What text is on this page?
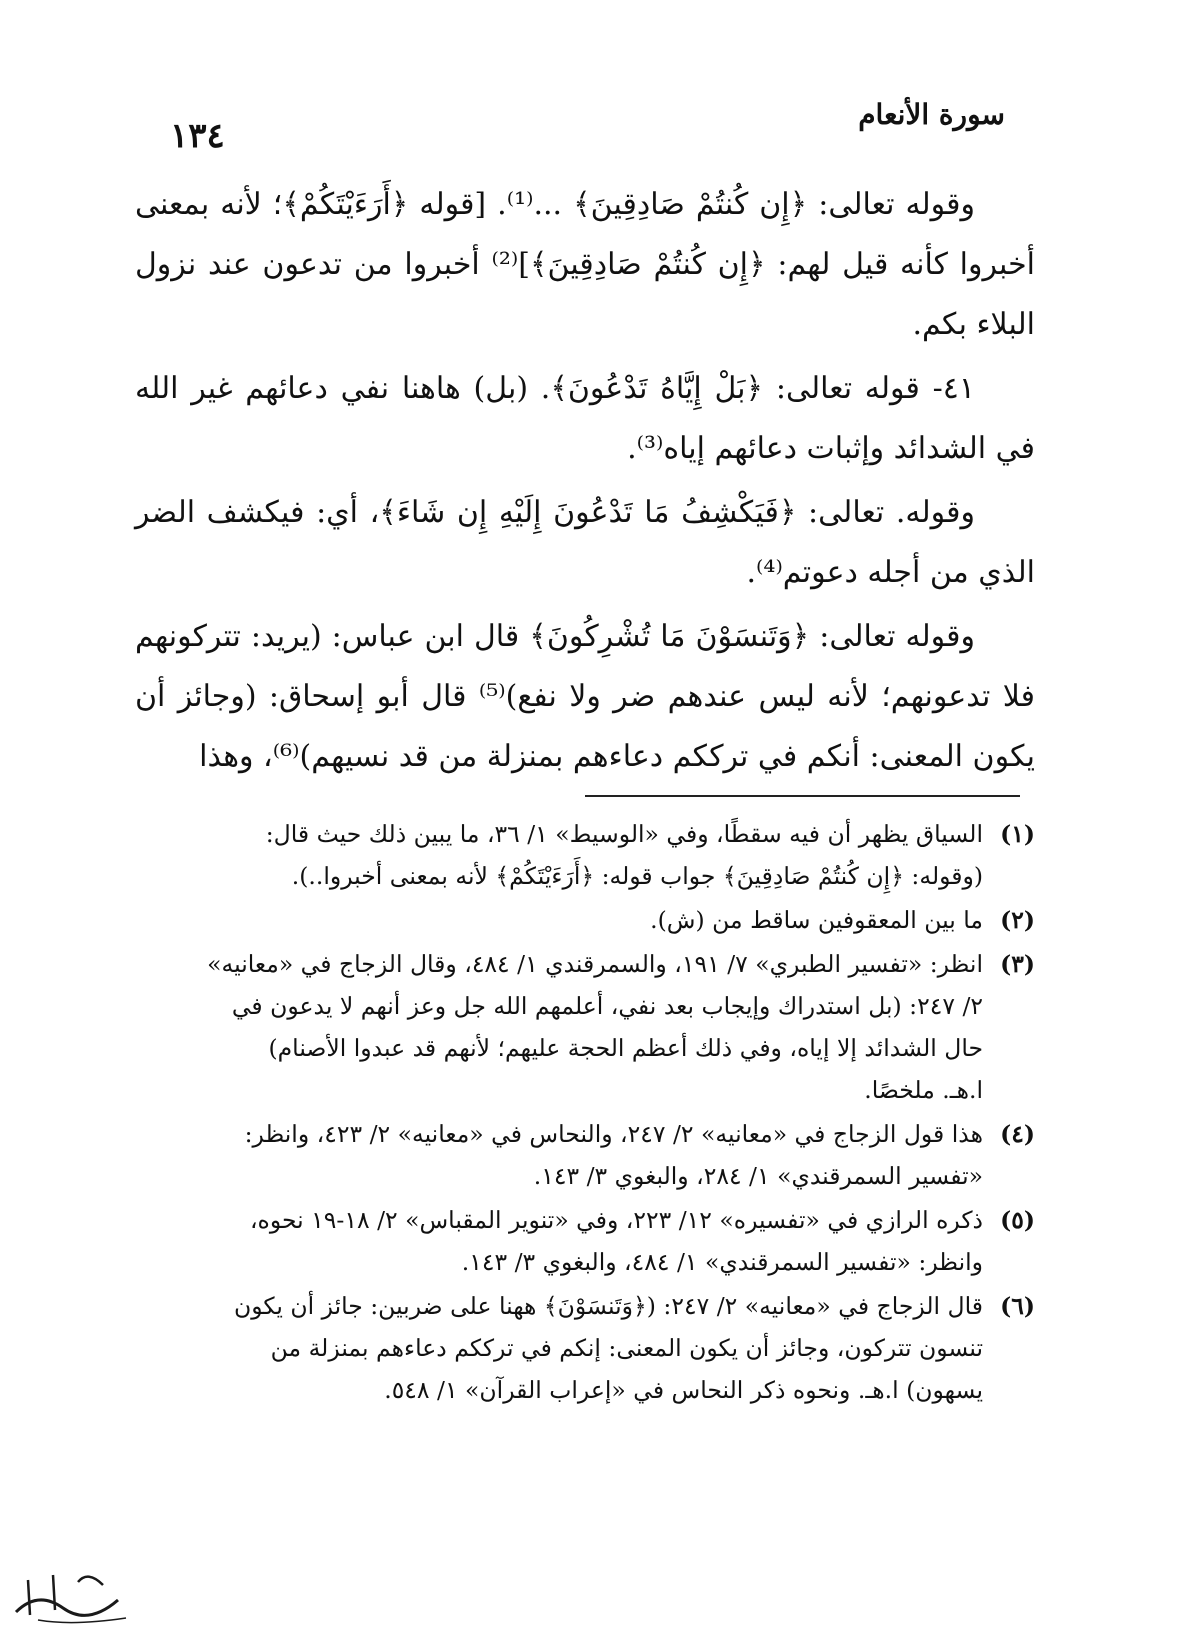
سورة الأنعام
١٣٤

وقوله تعالى: ﴿إِن كُنتُمْ صَادِقِينَ﴾ ...⁽¹⁾. [قوله ﴿أَرَءَيْتَكُمْ﴾؛ لأنه بمعنى أخبروا كأنه قيل لهم: ﴿إِن كُنتُمْ صَادِقِينَ﴾]⁽²⁾ أخبروا من تدعون عند نزول البلاء بكم.

٤١- قوله تعالى: ﴿بَلْ إِيَّاهُ تَدْعُونَ﴾. (بل) هاهنا نفي دعائهم غير الله في الشدائد وإثبات دعائهم إياه⁽³⁾.

وقوله. تعالى: ﴿فَيَكْشِفُ مَا تَدْعُونَ إِلَيْهِ إِن شَاءَ﴾، أي: فيكشف الضر الذي من أجله دعوتم⁽⁴⁾.

وقوله تعالى: ﴿وَتَنسَوْنَ مَا تُشْرِكُونَ﴾ قال ابن عباس: (يريد: تتركونهم فلا تدعونهم؛ لأنه ليس عندهم ضر ولا نفع)⁽⁵⁾ قال أبو إسحاق: (وجائز أن يكون المعنى: أنكم في ترككم دعاءهم بمنزلة من قد نسيهم)⁽⁶⁾، وهذا

(١)
السياق يظهر أن فيه سقطًا، وفي «الوسيط» ١/ ٣٦، ما يبين ذلك حيث قال:
(وقوله: ﴿إِن كُنتُمْ صَادِقِينَ﴾ جواب قوله: ﴿أَرَءَيْتَكُمْ﴾ لأنه بمعنى أخبروا..).
(٢)
ما بين المعقوفين ساقط من (ش).
(٣)
انظر: «تفسير الطبري» ٧/ ١٩١، والسمرقندي ١/ ٤٨٤، وقال الزجاج في «معانيه»
٢/ ٢٤٧: (بل استدراك وإيجاب بعد نفي، أعلمهم الله جل وعز أنهم لا يدعون في
حال الشدائد إلا إياه، وفي ذلك أعظم الحجة عليهم؛ لأنهم قد عبدوا الأصنام)
ا.هـ. ملخصًا.
(٤)
هذا قول الزجاج في «معانيه» ٢/ ٢٤٧، والنحاس في «معانيه» ٢/ ٤٢٣، وانظر:
«تفسير السمرقندي» ١/ ٢٨٤، والبغوي ٣/ ١٤٣.
(٥)
ذكره الرازي في «تفسيره» ١٢/ ٢٢٣، وفي «تنوير المقباس» ٢/ ١٨-١٩ نحوه،
وانظر: «تفسير السمرقندي» ١/ ٤٨٤، والبغوي ٣/ ١٤٣.
(٦)
قال الزجاج في «معانيه» ٢/ ٢٤٧: (﴿وَتَنسَوْنَ﴾ ههنا على ضربين: جائز أن يكون
تنسون تتركون، وجائز أن يكون المعنى: إنكم في ترككم دعاءهم بمنزلة من
يسهون) ا.هـ. ونحوه ذكر النحاس في «إعراب القرآن» ١/ ٥٤٨.
